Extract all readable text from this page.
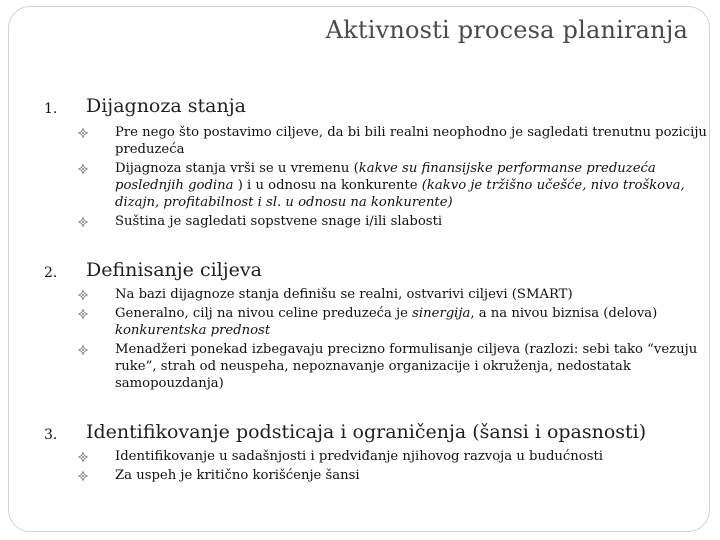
Aktivnosti procesa planiranja
1. Dijagnoza stanja
Pre nego što postavimo ciljeve, da bi bili realni neophodno je sagledati trenutnu poziciju preduzeća
Dijagnoza stanja vrši se u vremenu (kakve su finansijske performanse preduzeća poslednjih godina ) i u odnosu na konkurente (kakvo je tržišno učešće, nivo troškova, dizajn, profitabilnost i sl. u odnosu na konkurente)
Suština je sagledati sopstvene snage i/ili slabosti
2. Definisanje ciljeva
Na bazi dijagnoze stanja definišu se realni, ostvarivi ciljevi (SMART)
Generalno, cilj na nivou celine preduzeća je sinergija, a na nivou biznisa (delova) konkurentska prednost
Menadžeri ponekad izbegavaju precizno formulisanje ciljeva (razlozi: sebi tako “vezuju ruke”, strah od neuspeha, nepoznavanje organizacije i okruženja, nedostatak samopouzdanja)
3. Identifikovanje podsticaja i ograničenja (šansi i opasnosti)
Identifikovanje u sadašnjosti i predviđanje njihovog razvoja u budućnosti
Za uspeh je kritično korišćenje šansi
